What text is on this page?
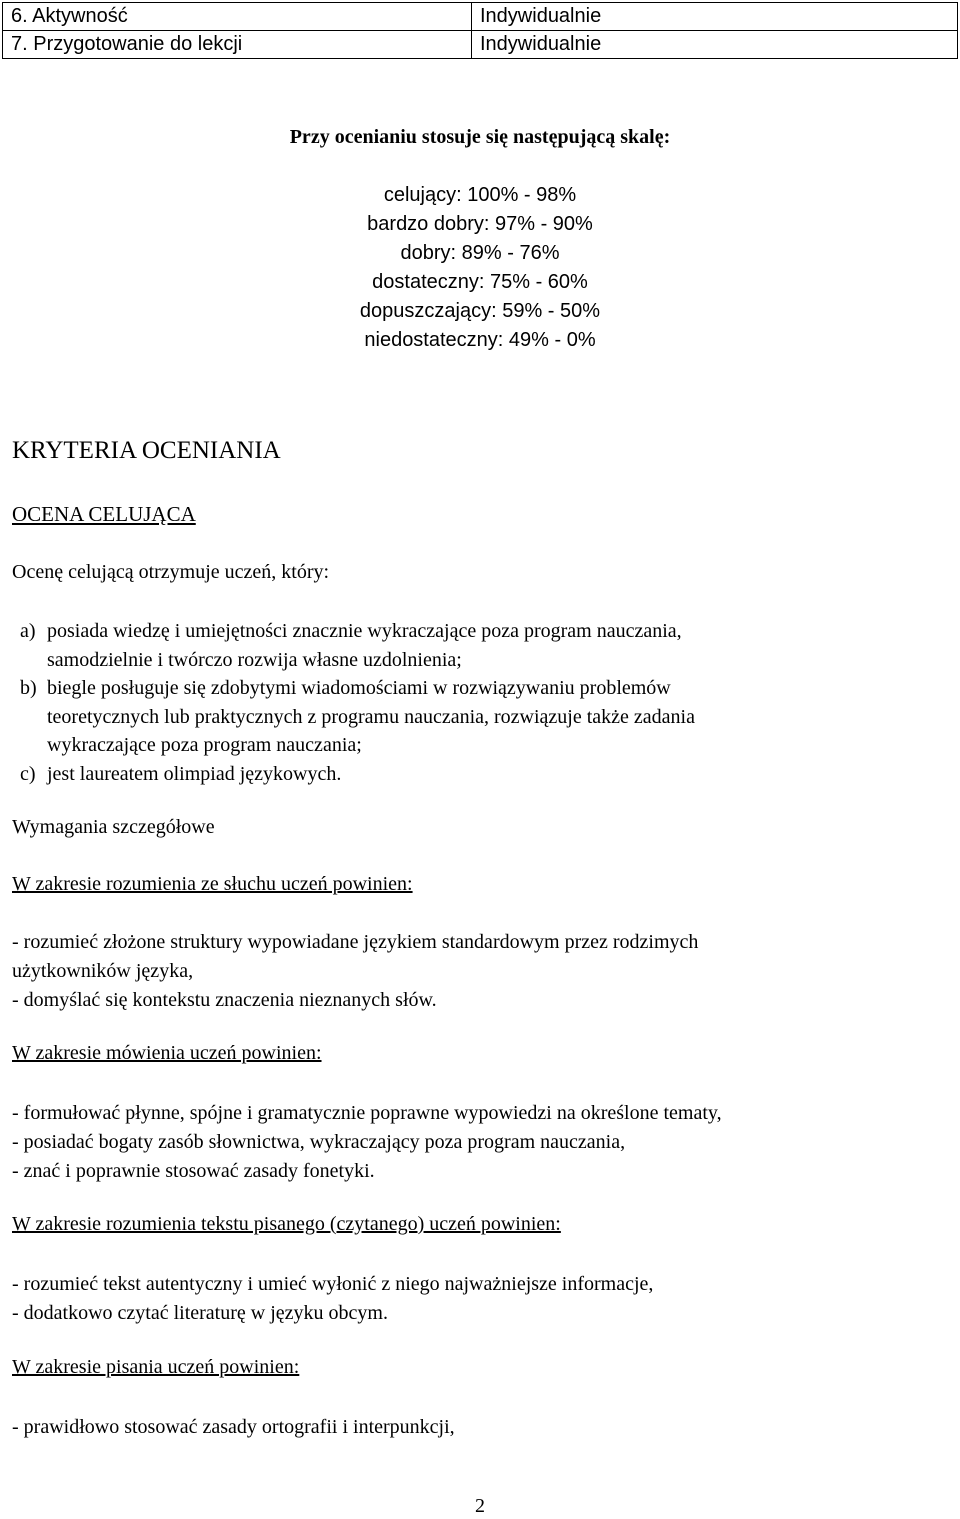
6. Aktywność	Indywidualnie
7. Przygotowanie do lekcji	Indywidualnie
Przy ocenianiu stosuje się następującą skalę:
celujący: 100% - 98%
bardzo dobry: 97% - 90%
dobry: 89% - 76%
dostateczny: 75% - 60%
dopuszczający: 59% - 50%
niedostateczny: 49% - 0%
KRYTERIA OCENIANIA
OCENA CELUJĄCA
Ocenę celującą otrzymuje uczeń, który:
a) posiada wiedzę i umiejętności znacznie wykraczające poza program nauczania,
samodzielnie i twórczo rozwija własne uzdolnienia;
b) biegle posługuje się zdobytymi wiadomościami w rozwiązywaniu problemów
teoretycznych lub praktycznych z programu nauczania, rozwiązuje także zadania
wykraczające poza program nauczania;
c) jest laureatem olimpiad językowych.
Wymagania szczegółowe
W zakresie rozumienia ze słuchu uczeń powinien:
- rozumieć złożone struktury wypowiadane językiem standardowym przez rodzimych
użytkowników języka,
- domyślać się kontekstu znaczenia nieznanych słów.
W zakresie mówienia uczeń powinien:
- formułować płynne, spójne i gramatycznie poprawne wypowiedzi na określone tematy,
- posiadać bogaty zasób słownictwa, wykraczający poza program nauczania,
- znać i poprawnie stosować zasady fonetyki.
W zakresie rozumienia tekstu pisanego (czytanego) uczeń powinien:
- rozumieć tekst autentyczny i umieć wyłonić z niego najważniejsze informacje,
- dodatkowo czytać literaturę w języku obcym.
W zakresie pisania uczeń powinien:
- prawidłowo stosować zasady ortografii i interpunkcji,
2
